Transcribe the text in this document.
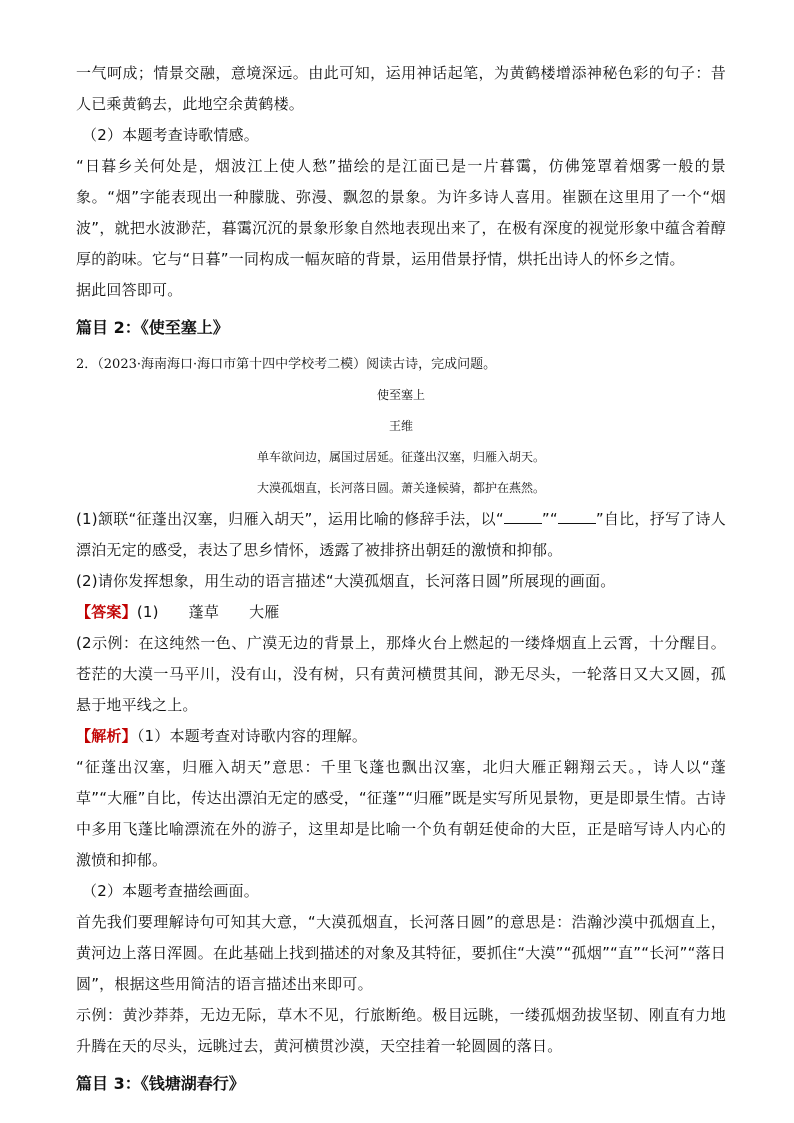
一气呵成；情景交融，意境深远。由此可知，运用神话起笔，为黄鹤楼增添神秘色彩的句子：昔人已乘黄鹤去，此地空余黄鹤楼。

（2）本题考查诗歌情感。

“日暮乡关何处是，烟波江上使人愁”描绘的是江面已是一片暮霭，仿佛笼罩着烟雾一般的景象。“烟”字能表现出一种朦胧、弥漫、飘忽的景象。为许多诗人喜用。崔颢在这里用了一个“烟波”，就把水波渺茫，暮霭沉沉的景象形象自然地表现出来了，在极有深度的视觉形象中蕴含着醇厚的韵味。它与“日暮”一同构成一幅灰暗的背景，运用借景抒情，烘托出诗人的怀乡之情。

据此回答即可。

篇目 2：《使至塞上》

2．（2023·海南海口·海口市第十四中学校考二模）阅读古诗，完成问题。

使至塞上

王维

单车欲问边，属国过居延。征蓬出汉塞，归雁入胡天。

大漠孤烟直，长河落日圆。萧关逢候骑，都护在燕然。

(1)颔联“征蓬出汉塞，归雁入胡天”，运用比喻的修辞手法，以“	”“	”自比，抒写了诗人漂泊无定的感受，表达了思乡情怀，透露了被排挤出朝廷的激愤和抑郁。

(2)请你发挥想象，用生动的语言描述“大漠孤烟直，长河落日圆”所展现的画面。

【答案】(1) 蓬草 大雁

(2示例：在这纯然一色、广漠无边的背景上，那烽火台上燃起的一缕烽烟直上云霄，十分醒目。苍茫的大漠一马平川，没有山，没有树，只有黄河横贯其间，渺无尽头，一轮落日又大又圆，孤悬于地平线之上。

【解析】（1）本题考查对诗歌内容的理解。

“征蓬出汉塞，归雁入胡天”意思：千里飞蓬也飘出汉塞，北归大雁正翱翔云天。，诗人以“蓬草”“大雁”自比，传达出漂泊无定的感受，“征蓬”“归雁”既是实写所见景物，更是即景生情。古诗中多用飞蓬比喻漂流在外的游子，这里却是比喻一个负有朝廷使命的大臣，正是暗写诗人内心的激愤和抑郁。

（2）本题考查描绘画面。

首先我们要理解诗句可知其大意，“大漠孤烟直，长河落日圆”的意思是：浩瀚沙漠中孤烟直上，黄河边上落日浑圆。在此基础上找到描述的对象及其特征，要抓住“大漠”“孤烟”“直”“长河”“落日圆”，根据这些用简洁的语言描述出来即可。

示例：黄沙莽莽，无边无际，草木不见，行旅断绝。极目远眺，一缕孤烟劲拔坚韧、刚直有力地升腾在天的尽头，远眺过去，黄河横贯沙漠，天空挂着一轮圆圆的落日。

篇目 3：《钱塘湖春行》
